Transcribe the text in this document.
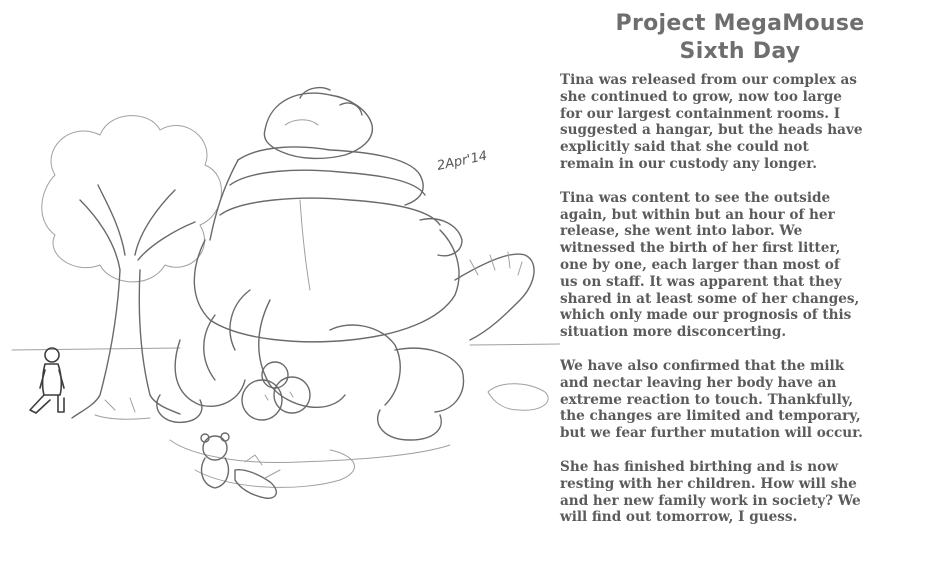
2Apr'14
Project MegaMouse
Sixth Day

Tina was released from our complex as
she continued to grow, now too large
for our largest containment rooms. I
suggested a hangar, but the heads have
explicitly said that she could not
remain in our custody any longer.

Tina was content to see the outside
again, but within but an hour of her
release, she went into labor. We
witnessed the birth of her first litter,
one by one, each larger than most of
us on staff. It was apparent that they
shared in at least some of her changes,
which only made our prognosis of this
situation more disconcerting.

We have also confirmed that the milk
and nectar leaving her body have an
extreme reaction to touch. Thankfully,
the changes are limited and temporary,
but we fear further mutation will occur.

She has finished birthing and is now
resting with her children. How will she
and her new family work in society? We
will find out tomorrow, I guess.
